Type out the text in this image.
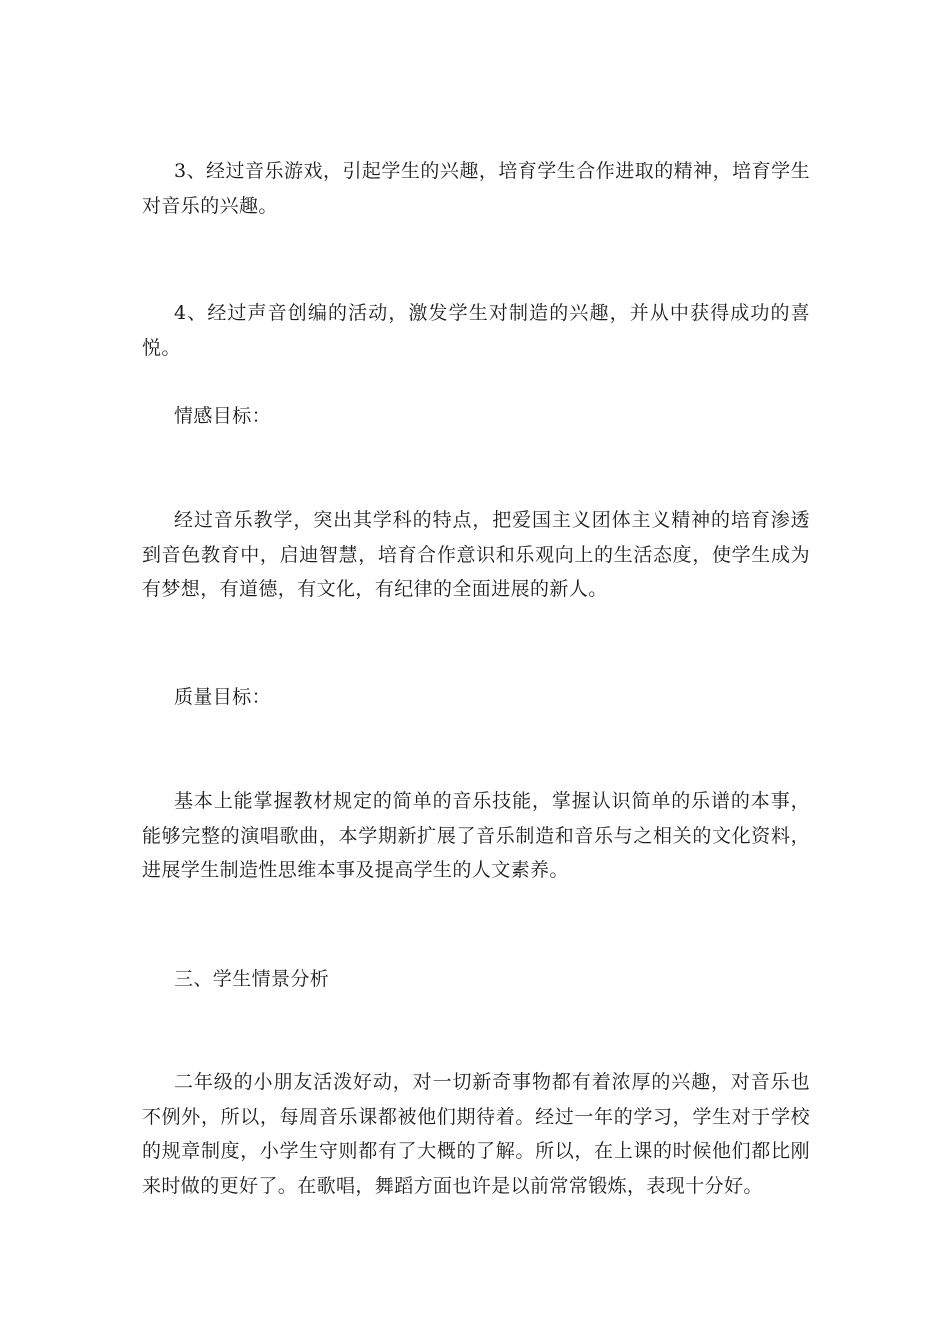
3、经过音乐游戏，引起学生的兴趣，培育学生合作进取的精神，培育学生对音乐的兴趣。

4、经过声音创编的活动，激发学生对制造的兴趣，并从中获得成功的喜悦。

情感目标：

经过音乐教学，突出其学科的特点，把爱国主义团体主义精神的培育渗透到音色教育中，启迪智慧，培育合作意识和乐观向上的生活态度，使学生成为有梦想，有道德，有文化，有纪律的全面进展的新人。

质量目标：

基本上能掌握教材规定的简单的音乐技能，掌握认识简单的乐谱的本事，能够完整的演唱歌曲，本学期新扩展了音乐制造和音乐与之相关的文化资料，进展学生制造性思维本事及提高学生的人文素养。

三、学生情景分析

二年级的小朋友活泼好动，对一切新奇事物都有着浓厚的兴趣，对音乐也不例外，所以，每周音乐课都被他们期待着。经过一年的学习，学生对于学校的规章制度，小学生守则都有了大概的了解。所以，在上课的时候他们都比刚来时做的更好了。在歌唱，舞蹈方面也许是以前常常锻炼，表现十分好。
